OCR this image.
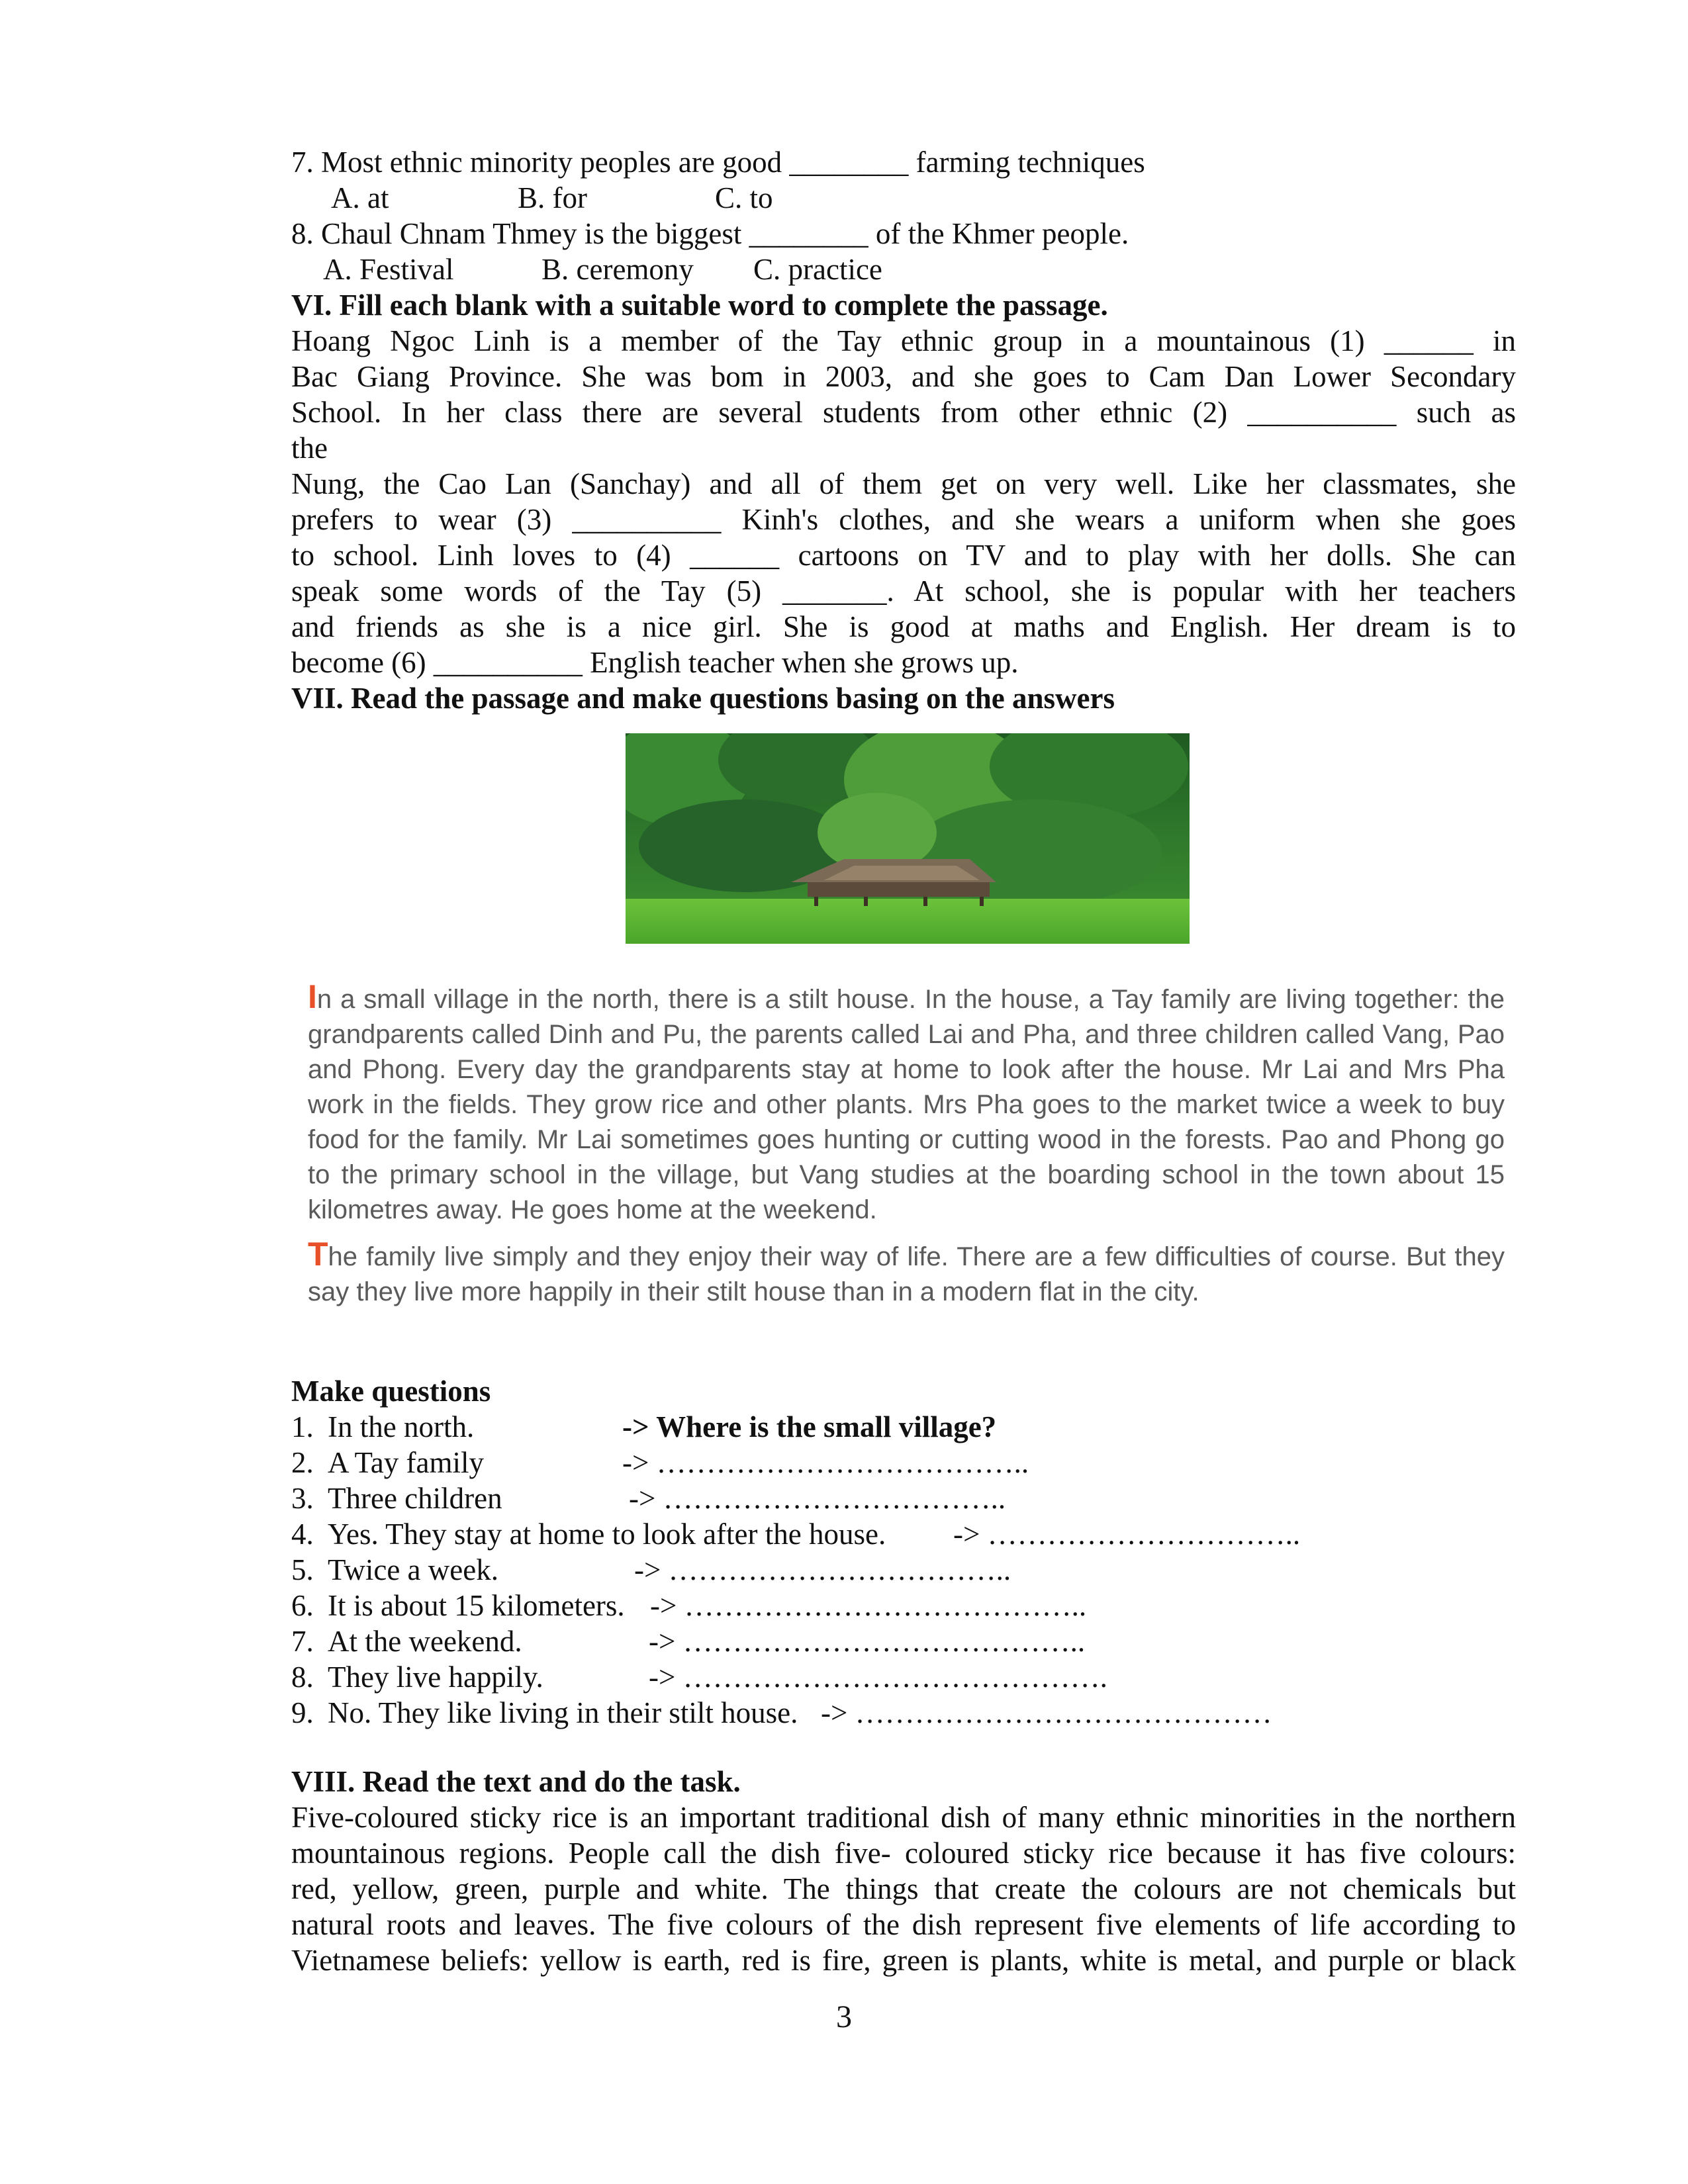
7. Most ethnic minority peoples are good ________ farming techniques
A. at	B. for	C. to
8. Chaul Chnam Thmey is the biggest ________ of the Khmer people.
A. Festival	B. ceremony C. practice
VI. Fill each blank with a suitable word to complete the passage.
Hoang Ngoc Linh is a member of the Tay ethnic group in a mountainous (1) ______ in
Bac Giang Province. She was bom in 2003, and she goes to Cam Dan Lower Secondary
School. In her class there are several students from other ethnic (2) __________ such as
the
Nung, the Cao Lan (Sanchay) and all of them get on very well. Like her classmates, she
prefers to wear (3) __________ Kinh's clothes, and she wears a uniform when she goes
to school. Linh loves to (4) ______ cartoons on TV and to play with her dolls. She can
speak some words of the Tay (5) _______. At school, she is popular with her teachers
and friends as she is a nice girl. She is good at maths and English. Her dream is to
become (6) __________ English teacher when she grows up.
VII. Read the passage and make questions basing on the answers

In a small village in the north, there is a stilt house. In the house, a Tay family are living together: the grandparents called Dinh and Pu, the parents called Lai and Pha, and three children called Vang, Pao and Phong. Every day the grandparents stay at home to look after the house. Mr Lai and Mrs Pha work in the fields. They grow rice and other plants. Mrs Pha goes to the market twice a week to buy food for the family. Mr Lai sometimes goes hunting or cutting wood in the forests. Pao and Phong go to the primary school in the village, but Vang studies at the boarding school in the town about 15 kilometres away. He goes home at the weekend.

The family live simply and they enjoy their way of life. There are a few difficulties of course. But they say they live more happily in their stilt house than in a modern flat in the city.

Make questions
1. In the north.	-> Where is the small village?
2. A Tay family	-> ………………………………..
3. Three children	-> ……………………………..
4. Yes. They stay at home to look after the house. -> …………………………..
5. Twice a week.	-> ……………………………..
6. It is about 15 kilometers. -> …………………………………..
7. At the weekend.	-> …………………………………..
8. They live happily.	-> …………………………………….
9. No. They like living in their stilt house. -> ……………………………………
VIII. Read the text and do the task.
Five-coloured sticky rice is an important traditional dish of many ethnic minorities in the northern
mountainous regions. People call the dish five- coloured sticky rice because it has five colours:
red, yellow, green, purple and white. The things that create the colours are not chemicals but
natural roots and leaves. The five colours of the dish represent five elements of life according to
Vietnamese beliefs: yellow is earth, red is fire, green is plants, white is metal, and purple or black
3
